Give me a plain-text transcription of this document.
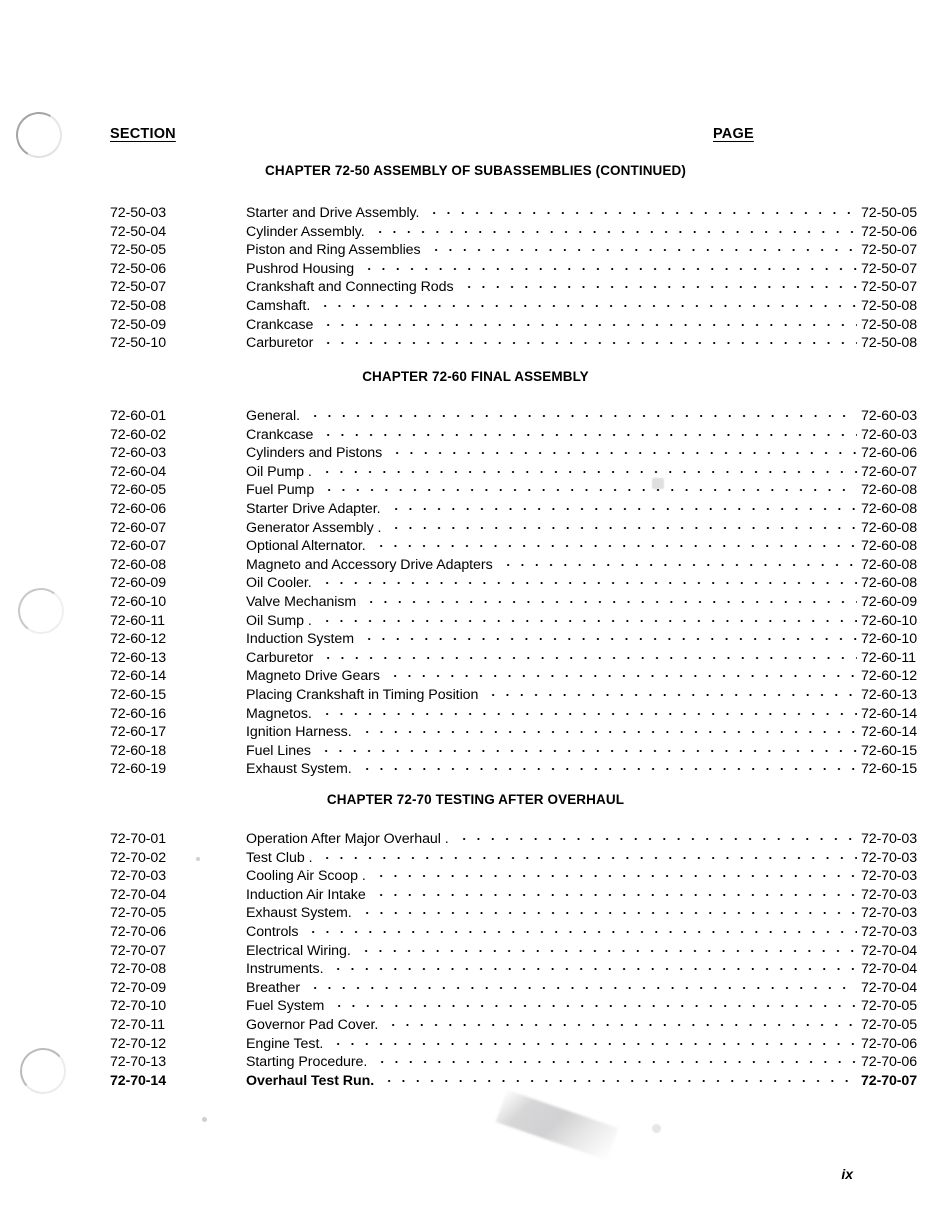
SECTION	PAGE
CHAPTER 72-50 ASSEMBLY OF SUBASSEMBLIES (CONTINUED)
72-50-03	Starter and Drive Assembly.	72-50-05
72-50-04	Cylinder Assembly.	72-50-06
72-50-05	Piston and Ring Assemblies	72-50-07
72-50-06	Pushrod Housing	72-50-07
72-50-07	Crankshaft and Connecting Rods	72-50-07
72-50-08	Camshaft.	72-50-08
72-50-09	Crankcase	72-50-08
72-50-10	Carburetor	72-50-08
CHAPTER 72-60 FINAL ASSEMBLY
72-60-01	General.	72-60-03
72-60-02	Crankcase	72-60-03
72-60-03	Cylinders and Pistons	72-60-06
72-60-04	Oil Pump .	72-60-07
72-60-05	Fuel Pump	72-60-08
72-60-06	Starter Drive Adapter.	72-60-08
72-60-07	Generator Assembly .	72-60-08
72-60-07	Optional Alternator.	72-60-08
72-60-08	Magneto and Accessory Drive Adapters	72-60-08
72-60-09	Oil Cooler.	72-60-08
72-60-10	Valve Mechanism	72-60-09
72-60-11	Oil Sump .	72-60-10
72-60-12	Induction System	72-60-10
72-60-13	Carburetor	72-60-11
72-60-14	Magneto Drive Gears	72-60-12
72-60-15	Placing Crankshaft in Timing Position	72-60-13
72-60-16	Magnetos.	72-60-14
72-60-17	Ignition Harness.	72-60-14
72-60-18	Fuel Lines	72-60-15
72-60-19	Exhaust System.	72-60-15
CHAPTER 72-70 TESTING AFTER OVERHAUL
72-70-01	Operation After Major Overhaul .	72-70-03
72-70-02	Test Club .	72-70-03
72-70-03	Cooling Air Scoop .	72-70-03
72-70-04	Induction Air Intake	72-70-03
72-70-05	Exhaust System.	72-70-03
72-70-06	Controls	72-70-03
72-70-07	Electrical Wiring.	72-70-04
72-70-08	Instruments.	72-70-04
72-70-09	Breather	72-70-04
72-70-10	Fuel System	72-70-05
72-70-11	Governor Pad Cover.	72-70-05
72-70-12	Engine Test.	72-70-06
72-70-13	Starting Procedure.	72-70-06
72-70-14	Overhaul Test Run.	72-70-07
ix
